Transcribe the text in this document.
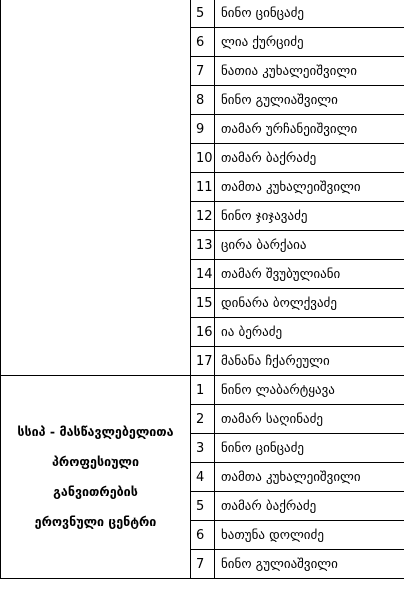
	5	ნინო ცინცაძე
	6	ლია ქურციძე
	7	ნათია კუხალეიშვილი
	8	ნინო გულიაშვილი
	9	თამარ ურჩანეიშვილი
	10	თამარ ბაქრაძე
	11	თამთა კუხალეიშვილი
	12	ნინო ჯიჯავაძე
	13	ცირა ბარქაია
	14	თამარ შვუბულიანი
	15	დინარა ბოლქვაძე
	16	ია ბერაძე
	17	მანანა ჩქარეული

სსიპ - მასწავლებელითა
პროფესიული
განვითრების
ეროვნული ცენტრი	1	ნინო ლაბარტყავა
	2	თამარ საღინაძე
	3	ნინო ცინცაძე
	4	თამთა კუხალეიშვილი
	5	თამარ ბაქრაძე
	6	ხათუნა დოლიძე
	7	ნინო გულიაშვილი
